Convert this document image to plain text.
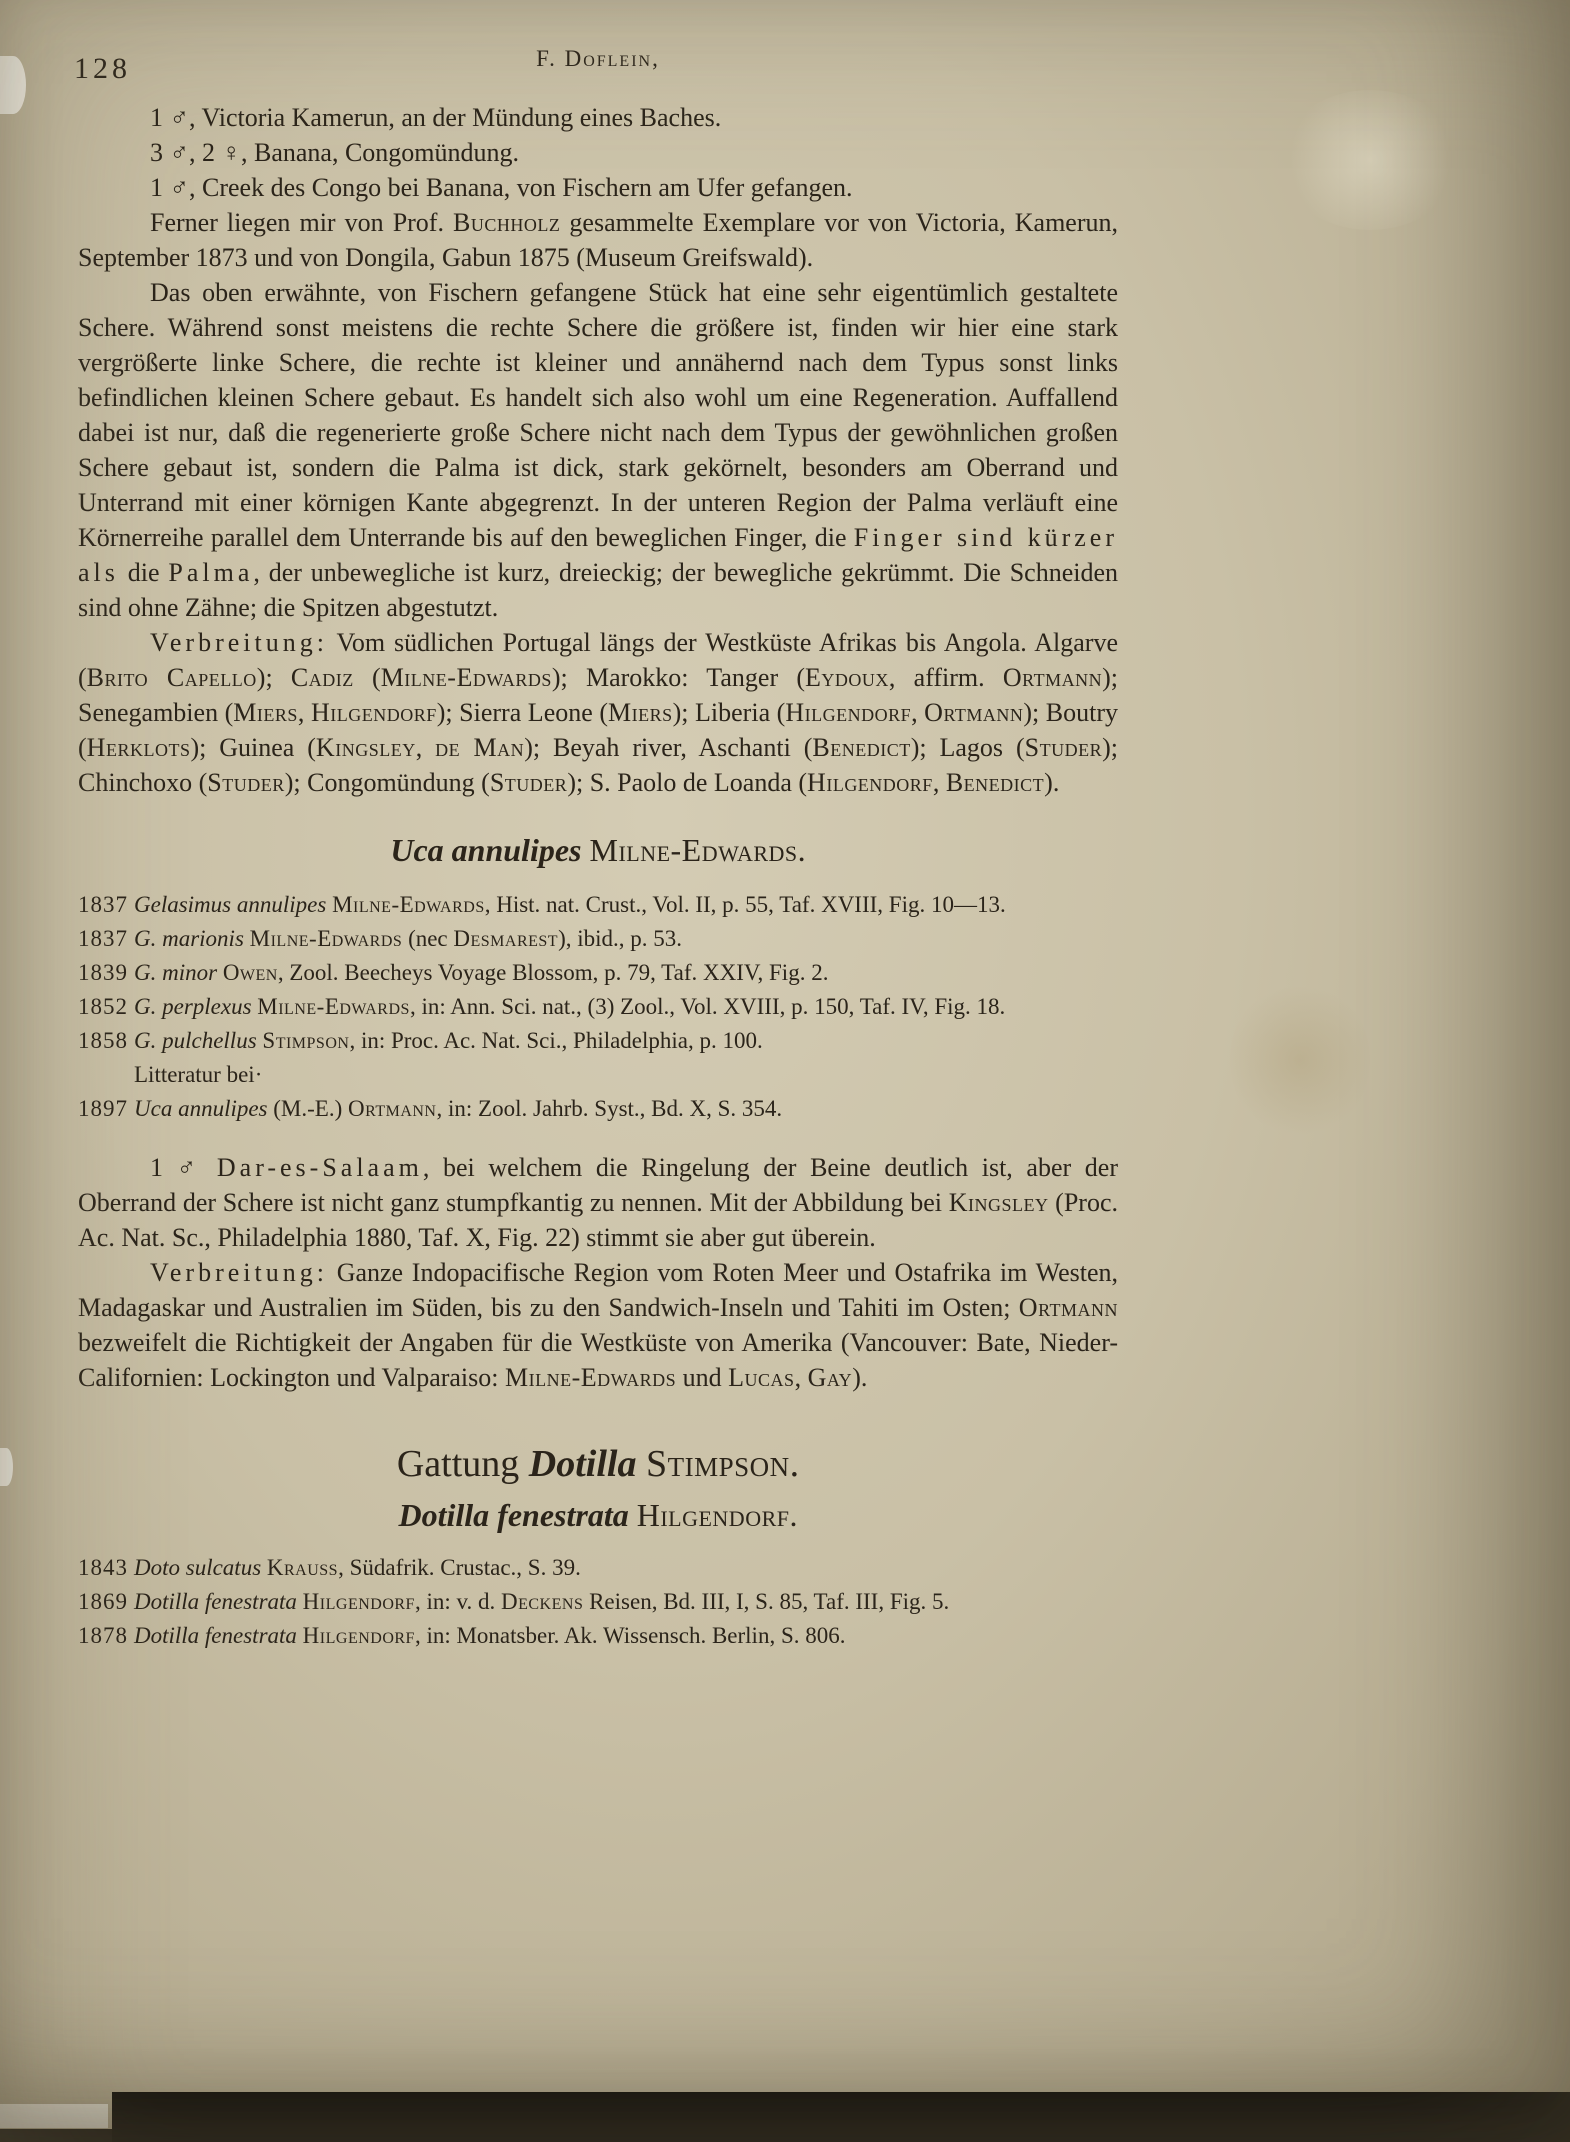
128	F. Doflein,
1 ♂, Victoria Kamerun, an der Mündung eines Baches.
3 ♂, 2 ♀, Banana, Congomündung.
1 ♂, Creek des Congo bei Banana, von Fischern am Ufer gefangen.
Ferner liegen mir von Prof. Buchholz gesammelte Exemplare vor von Victoria, Kamerun, September 1873 und von Dongila, Gabun 1875 (Museum Greifswald).
Das oben erwähnte, von Fischern gefangene Stück hat eine sehr eigentümlich gestaltete Schere. Während sonst meistens die rechte Schere die größere ist, finden wir hier eine stark vergrößerte linke Schere, die rechte ist kleiner und annähernd nach dem Typus sonst links befindlichen kleinen Schere gebaut. Es handelt sich also wohl um eine Regeneration. Auffallend dabei ist nur, daß die regenerierte große Schere nicht nach dem Typus der gewöhnlichen großen Schere gebaut ist, sondern die Palma ist dick, stark gekörnelt, besonders am Oberrand und Unterrand mit einer körnigen Kante abgegrenzt. In der unteren Region der Palma verläuft eine Körnerreihe parallel dem Unterrande bis auf den beweglichen Finger, die Finger sind kürzer als die Palma, der unbewegliche ist kurz, dreieckig; der bewegliche gekrümmt. Die Schneiden sind ohne Zähne; die Spitzen abgestutzt.
Verbreitung: Vom südlichen Portugal längs der Westküste Afrikas bis Angola. Algarve (Brito Capello); Cadiz (Milne-Edwards); Marokko: Tanger (Eydoux, affirm. Ortmann); Senegambien (Miers, Hilgendorf); Sierra Leone (Miers); Liberia (Hilgendorf, Ortmann); Boutry (Herklots); Guinea (Kingsley, de Man); Beyah river, Aschanti (Benedict); Lagos (Studer); Chinchoxo (Studer); Congomündung (Studer); S. Paolo de Loanda (Hilgendorf, Benedict).
Uca annulipes Milne-Edwards.
1837 Gelasimus annulipes Milne-Edwards, Hist. nat. Crust., Vol. II, p. 55, Taf. XVIII, Fig. 10—13.
1837 G. marionis Milne-Edwards (nec Desmarest), ibid., p. 53.
1839 G. minor Owen, Zool. Beecheys Voyage Blossom, p. 79, Taf. XXIV, Fig. 2.
1852 G. perplexus Milne-Edwards, in: Ann. Sci. nat., (3) Zool., Vol. XVIII, p. 150, Taf. IV, Fig. 18.
1858 G. pulchellus Stimpson, in: Proc. Ac. Nat. Sci., Philadelphia, p. 100.
Litteratur bei·
1897 Uca annulipes (M.-E.) Ortmann, in: Zool. Jahrb. Syst., Bd. X, S. 354.
1 ♂ Dar-es-Salaam, bei welchem die Ringelung der Beine deutlich ist, aber der Oberrand der Schere ist nicht ganz stumpfkantig zu nennen. Mit der Abbildung bei Kingsley (Proc. Ac. Nat. Sc., Philadelphia 1880, Taf. X, Fig. 22) stimmt sie aber gut überein.
Verbreitung: Ganze Indopacifische Region vom Roten Meer und Ostafrika im Westen, Madagaskar und Australien im Süden, bis zu den Sandwich-Inseln und Tahiti im Osten; Ortmann bezweifelt die Richtigkeit der Angaben für die Westküste von Amerika (Vancouver: Bate, Nieder-Californien: Lockington und Valparaiso: Milne-Edwards und Lucas, Gay).
Gattung Dotilla Stimpson.
Dotilla fenestrata Hilgendorf.
1843 Doto sulcatus Krauss, Südafrik. Crustac., S. 39.
1869 Dotilla fenestrata Hilgendorf, in: v. d. Deckens Reisen, Bd. III, I, S. 85, Taf. III, Fig. 5.
1878 Dotilla fenestrata Hilgendorf, in: Monatsber. Ak. Wissensch. Berlin, S. 806.
